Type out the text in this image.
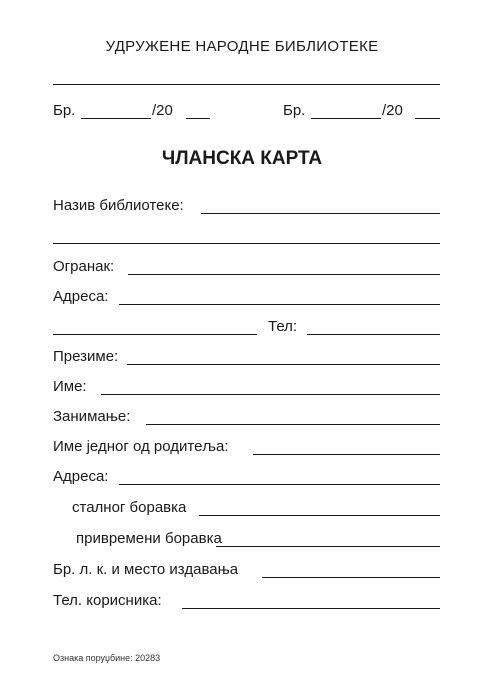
УДРУЖЕНЕ НАРОДНЕ БИБЛИОТЕКЕ
Бр.	/20	Бр.	/20
ЧЛАНСКА КАРТА
Назив библиотеке:
Огранак:
Адреса:
Тел:
Презиме:
Име:
Занимање:
Име једног од родитеља:
Адреса:
сталног боравка
привремени боравка
Бр. л. к. и место издавања
Тел. корисника:
Ознака поруџбине: 20283
